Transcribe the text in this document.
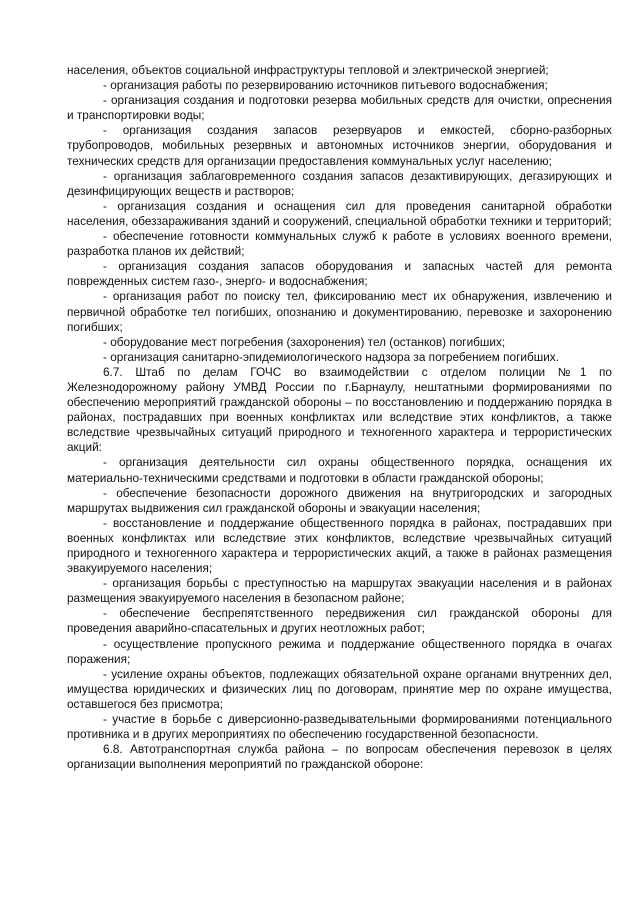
населения, объектов социальной инфраструктуры тепловой и электрической энергией;

- организация работы по резервированию источников питьевого водоснабжения;

- организация создания и подготовки резерва мобильных средств для очистки, опреснения и транспортировки воды;

- организация создания запасов резервуаров и емкостей, сборно-разборных трубопроводов, мобильных резервных и автономных источников энергии, оборудования и технических средств для организации предоставления коммунальных услуг населению;

- организация заблаговременного создания запасов дезактивирующих, дегазирующих и дезинфицирующих веществ и растворов;

- организация создания и оснащения сил для проведения санитарной обработки населения, обеззараживания зданий и сооружений, специальной обработки техники и территорий;

- обеспечение готовности коммунальных служб к работе в условиях военного времени, разработка планов их действий;

- организация создания запасов оборудования и запасных частей для ремонта поврежденных систем газо-, энерго- и водоснабжения;

- организация работ по поиску тел, фиксированию мест их обнаружения, извлечению и первичной обработке тел погибших, опознанию и документированию, перевозке и захоронению погибших;

- оборудование мест погребения (захоронения) тел (останков) погибших;

- организация санитарно-эпидемиологического надзора за погребением погибших.

6.7. Штаб по делам ГОЧС во взаимодействии с отделом полиции №1 по Железнодорожному району УМВД России по г.Барнаулу, нештатными формированиями по обеспечению мероприятий гражданской обороны – по восстановлению и поддержанию порядка в районах, пострадавших при военных конфликтах или вследствие этих конфликтов, а также вследствие чрезвычайных ситуаций природного и техногенного характера и террористических акций:

- организация деятельности сил охраны общественного порядка, оснащения их материально-техническими средствами и подготовки в области гражданской обороны;

- обеспечение безопасности дорожного движения на внутригородских и загородных маршрутах выдвижения сил гражданской обороны и эвакуации населения;

- восстановление и поддержание общественного порядка в районах, пострадавших при военных конфликтах или вследствие этих конфликтов, вследствие чрезвычайных ситуаций природного и техногенного характера и террористических акций, а также в районах размещения эвакуируемого населения;

- организация борьбы с преступностью на маршрутах эвакуации населения и в районах размещения эвакуируемого населения в безопасном районе;

- обеспечение беспрепятственного передвижения сил гражданской обороны для проведения аварийно-спасательных и других неотложных работ;

- осуществление пропускного режима и поддержание общественного порядка в очагах поражения;

- усиление охраны объектов, подлежащих обязательной охране органами внутренних дел, имущества юридических и физических лиц по договорам, принятие мер по охране имущества, оставшегося без присмотра;

- участие в борьбе с диверсионно-разведывательными формированиями потенциального противника и в других мероприятиях по обеспечению государственной безопасности.

6.8. Автотранспортная служба района – по вопросам обеспечения перевозок в целях организации выполнения мероприятий по гражданской обороне:
